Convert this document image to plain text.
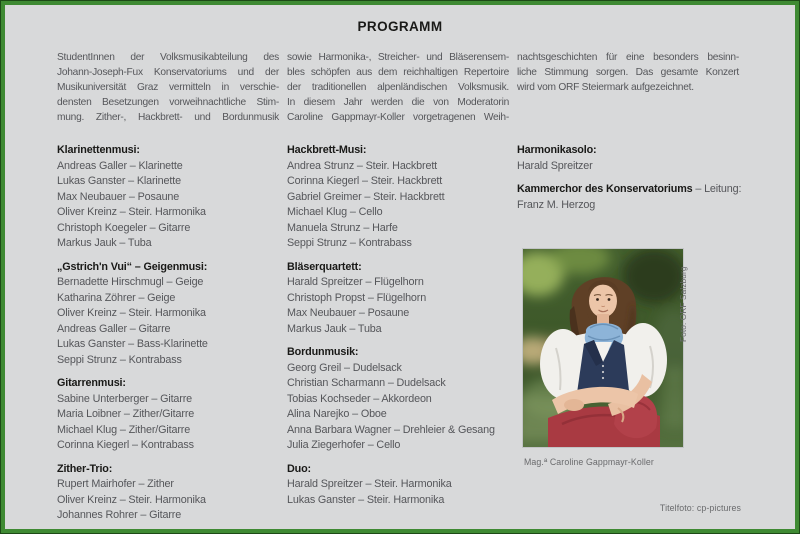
PROGRAMM
StudentInnen der Volksmusikabteilung des
Johann-Joseph-Fux Konservatoriums und der
Musikuniversität Graz vermitteln in verschie-
densten Besetzungen vorweihnachtliche Stim-
mung. Zither-, Hackbrett- und Bordunmusik
Klarinettenmusi:
Andreas Galler – Klarinette
Lukas Ganster – Klarinette
Max Neubauer – Posaune
Oliver Kreinz – Steir. Harmonika
Christoph Koegeler – Gitarre
Markus Jauk – Tuba
„Gstrich'n Vui“ – Geigenmusi:
Bernadette Hirschmugl – Geige
Katharina Zöhrer – Geige
Oliver Kreinz – Steir. Harmonika
Andreas Galler – Gitarre
Lukas Ganster – Bass-Klarinette
Seppi Strunz – Kontrabass
Gitarrenmusi:
Sabine Unterberger – Gitarre
Maria Loibner – Zither/Gitarre
Michael Klug – Zither/Gitarre
Corinna Kiegerl – Kontrabass
Zither-Trio:
Rupert Mairhofer – Zither
Oliver Kreinz – Steir. Harmonika
Johannes Rohrer – Gitarre
sowie Harmonika-, Streicher- und Bläserensem-
bles schöpfen aus dem reichhaltigen Repertoire
der traditionellen alpenländischen Volksmusik.
In diesem Jahr werden die von Moderatorin
Caroline Gappmayr-Koller vorgetragenen Weih-
Hackbrett-Musi:
Andrea Strunz – Steir. Hackbrett
Corinna Kiegerl – Steir. Hackbrett
Gabriel Greimer – Steir. Hackbrett
Michael Klug – Cello
Manuela Strunz – Harfe
Seppi Strunz – Kontrabass
Bläserquartett:
Harald Spreitzer – Flügelhorn
Christoph Propst – Flügelhorn
Max Neubauer – Posaune
Markus Jauk – Tuba
Bordunmusik:
Georg Greil – Dudelsack
Christian Scharmann – Dudelsack
Tobias Kochseder – Akkordeon
Alina Narejko – Oboe
Anna Barbara Wagner – Drehleier & Gesang
Julia Ziegerhofer – Cello
Duo:
Harald Spreitzer – Steir. Harmonika
Lukas Ganster – Steir. Harmonika
nachtsgeschichten für eine besonders besinn-
liche Stimmung sorgen. Das gesamte Konzert
wird vom ORF Steiermark aufgezeichnet.
Harmonikasolo:
Harald Spreitzer
Kammerchor des Konservatoriums – Leitung:
Franz M. Herzog
Foto: ORF Salzburg
Mag.ª Caroline Gappmayr-Koller
Titelfoto: cp-pictures
